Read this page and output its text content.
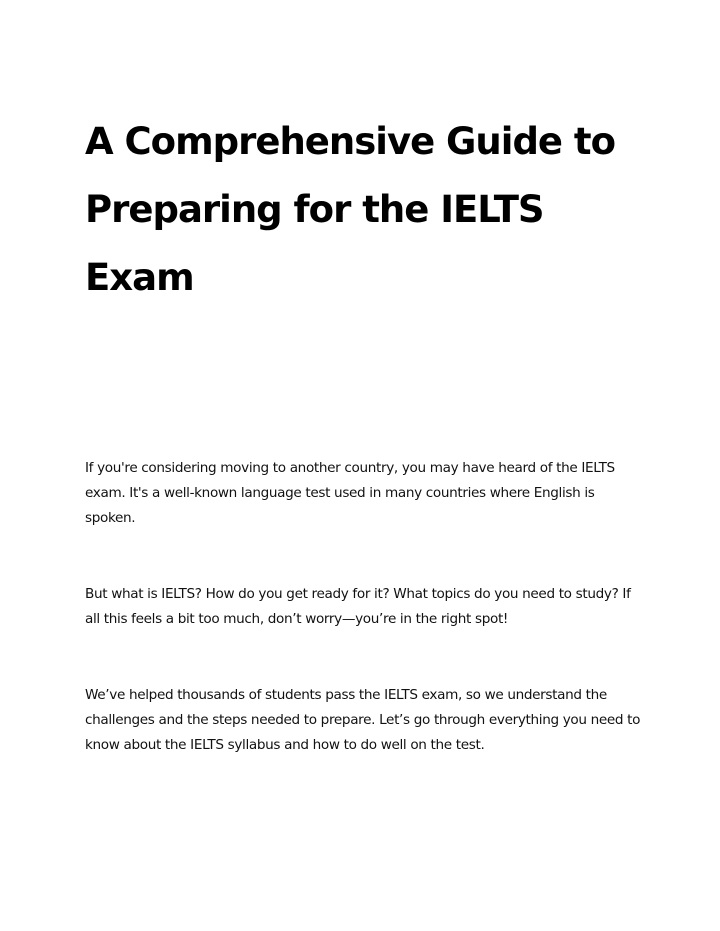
A Comprehensive Guide to Preparing for the IELTS Exam

If you're considering moving to another country, you may have heard of the IELTS exam. It's a well-known language test used in many countries where English is spoken.

But what is IELTS? How do you get ready for it? What topics do you need to study? If all this feels a bit too much, don’t worry—you’re in the right spot!

We’ve helped thousands of students pass the IELTS exam, so we understand the challenges and the steps needed to prepare. Let’s go through everything you need to know about the IELTS syllabus and how to do well on the test.
